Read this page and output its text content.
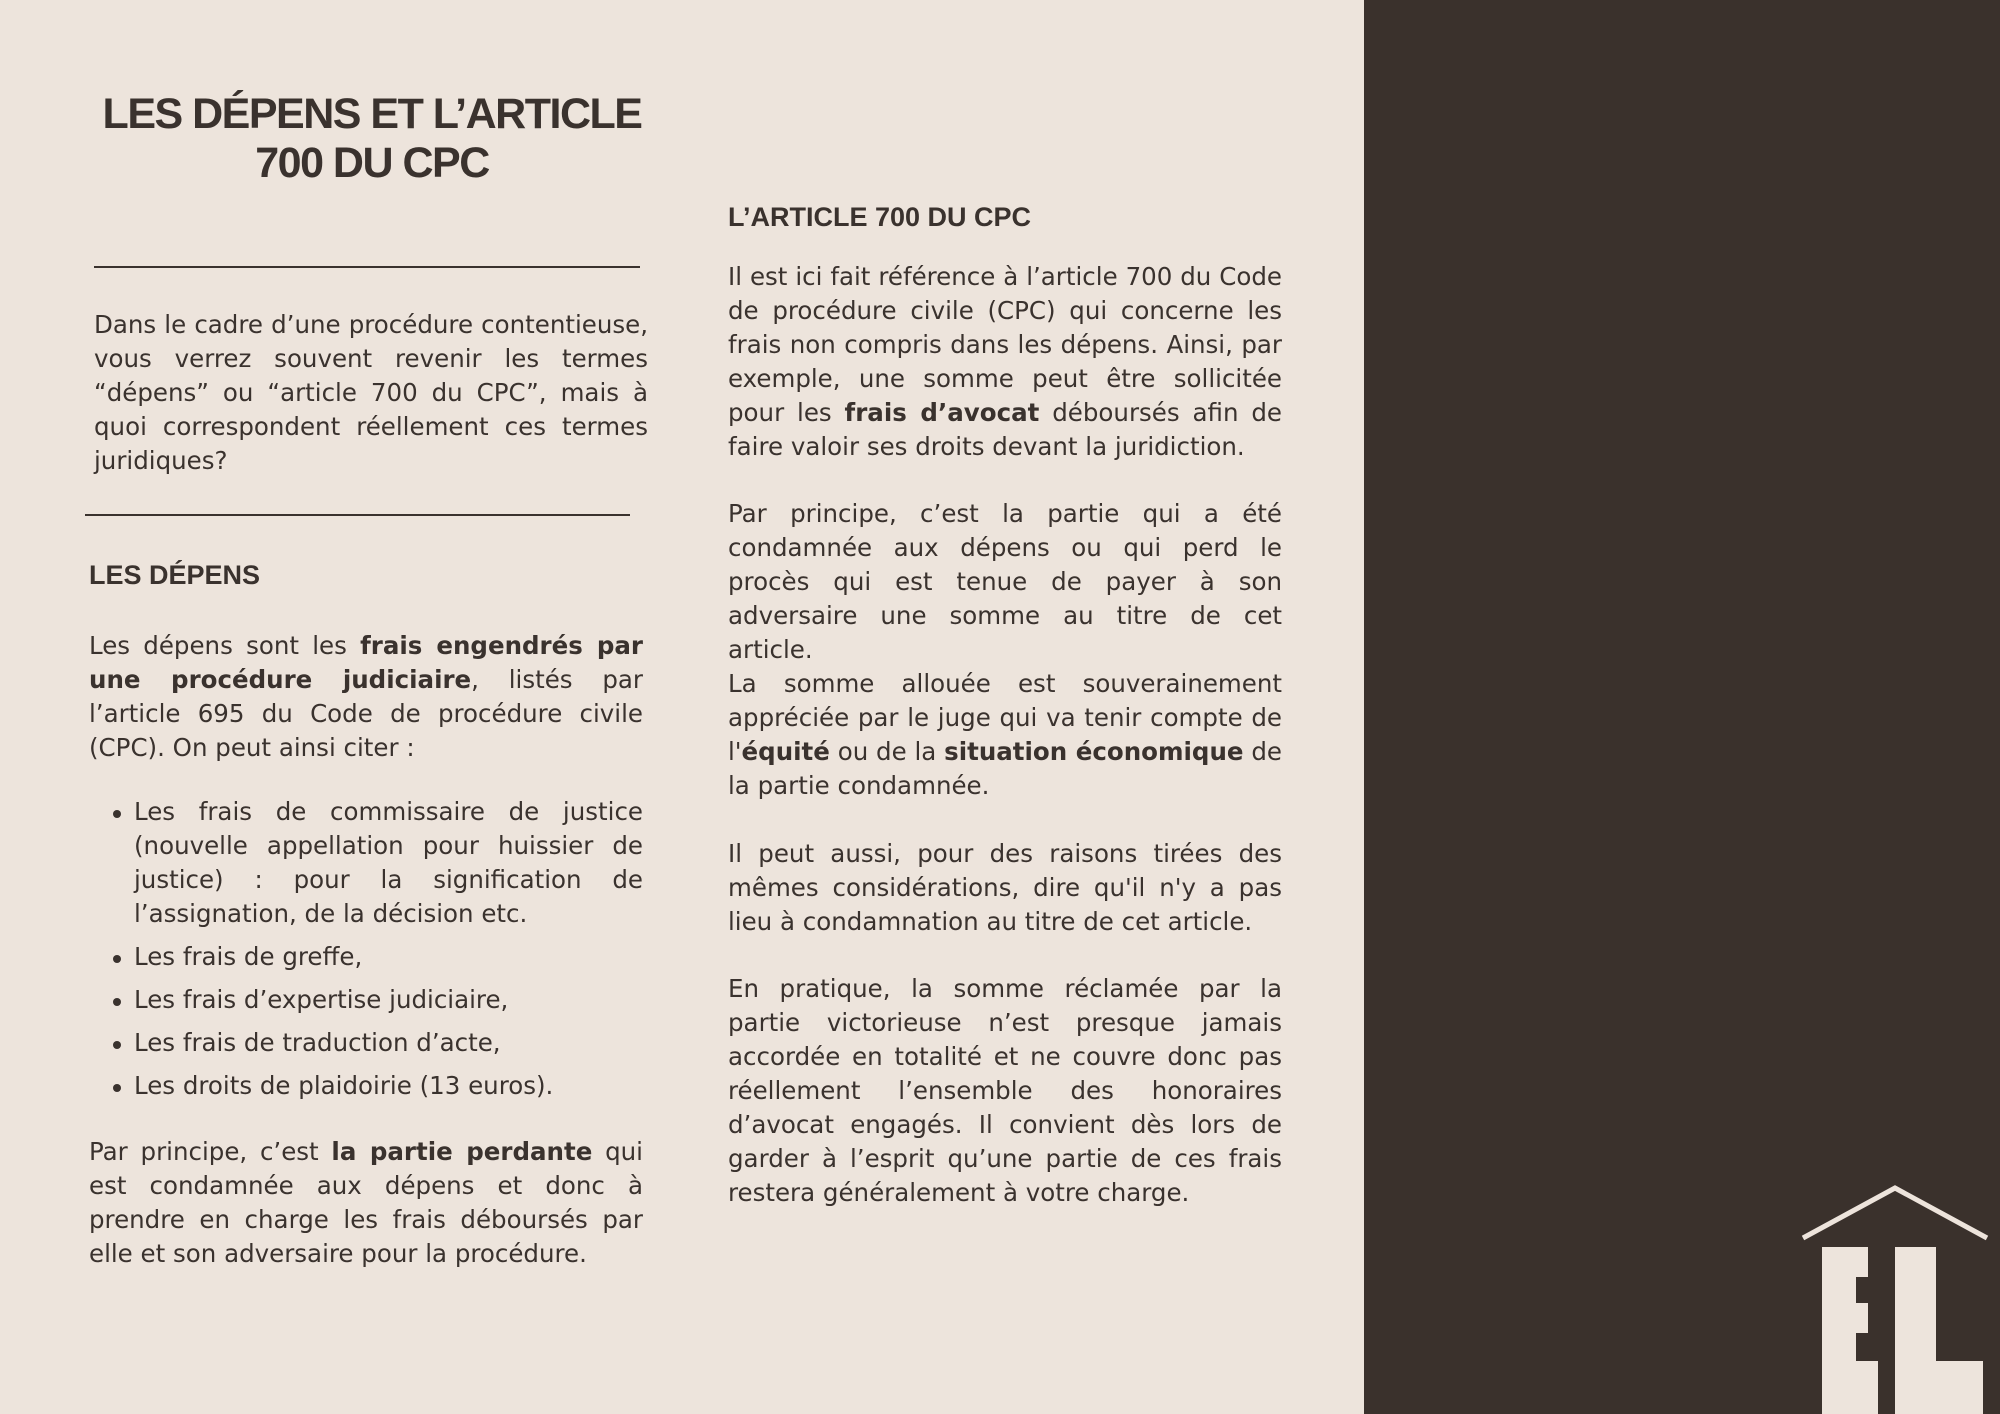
LES DÉPENS ET L’ARTICLE 700 DU CPC

Dans le cadre d’une procédure contentieuse, vous verrez souvent revenir les termes “dépens” ou “article 700 du CPC”, mais à quoi correspondent réellement ces termes juridiques?

LES DÉPENS

Les dépens sont les frais engendrés par une procédure judiciaire, listés par l’article 695 du Code de procédure civile (CPC). On peut ainsi citer :

Les frais de commissaire de justice (nouvelle appellation pour huissier de justice) : pour la signification de l’assignation, de la décision etc.
Les frais de greffe,
Les frais d’expertise judiciaire,
Les frais de traduction d’acte,
Les droits de plaidoirie (13 euros).

Par principe, c’est la partie perdante qui est condamnée aux dépens et donc à prendre en charge les frais déboursés par elle et son adversaire pour la procédure.

L’ARTICLE 700 DU CPC

Il est ici fait référence à l’article 700 du Code de procédure civile (CPC) qui concerne les frais non compris dans les dépens. Ainsi, par exemple, une somme peut être sollicitée pour les frais d’avocat déboursés afin de faire valoir ses droits devant la juridiction.

Par principe, c’est la partie qui a été condamnée aux dépens ou qui perd le procès qui est tenue de payer à son adversaire une somme au titre de cet article.

La somme allouée est souverainement appréciée par le juge qui va tenir compte de l'équité ou de la situation économique de la partie condamnée.

Il peut aussi, pour des raisons tirées des mêmes considérations, dire qu'il n'y a pas lieu à condamnation au titre de cet article.

En pratique, la somme réclamée par la partie victorieuse n’est presque jamais accordée en totalité et ne couvre donc pas réellement l’ensemble des honoraires d’avocat engagés. Il convient dès lors de garder à l’esprit qu’une partie de ces frais restera généralement à votre charge.
